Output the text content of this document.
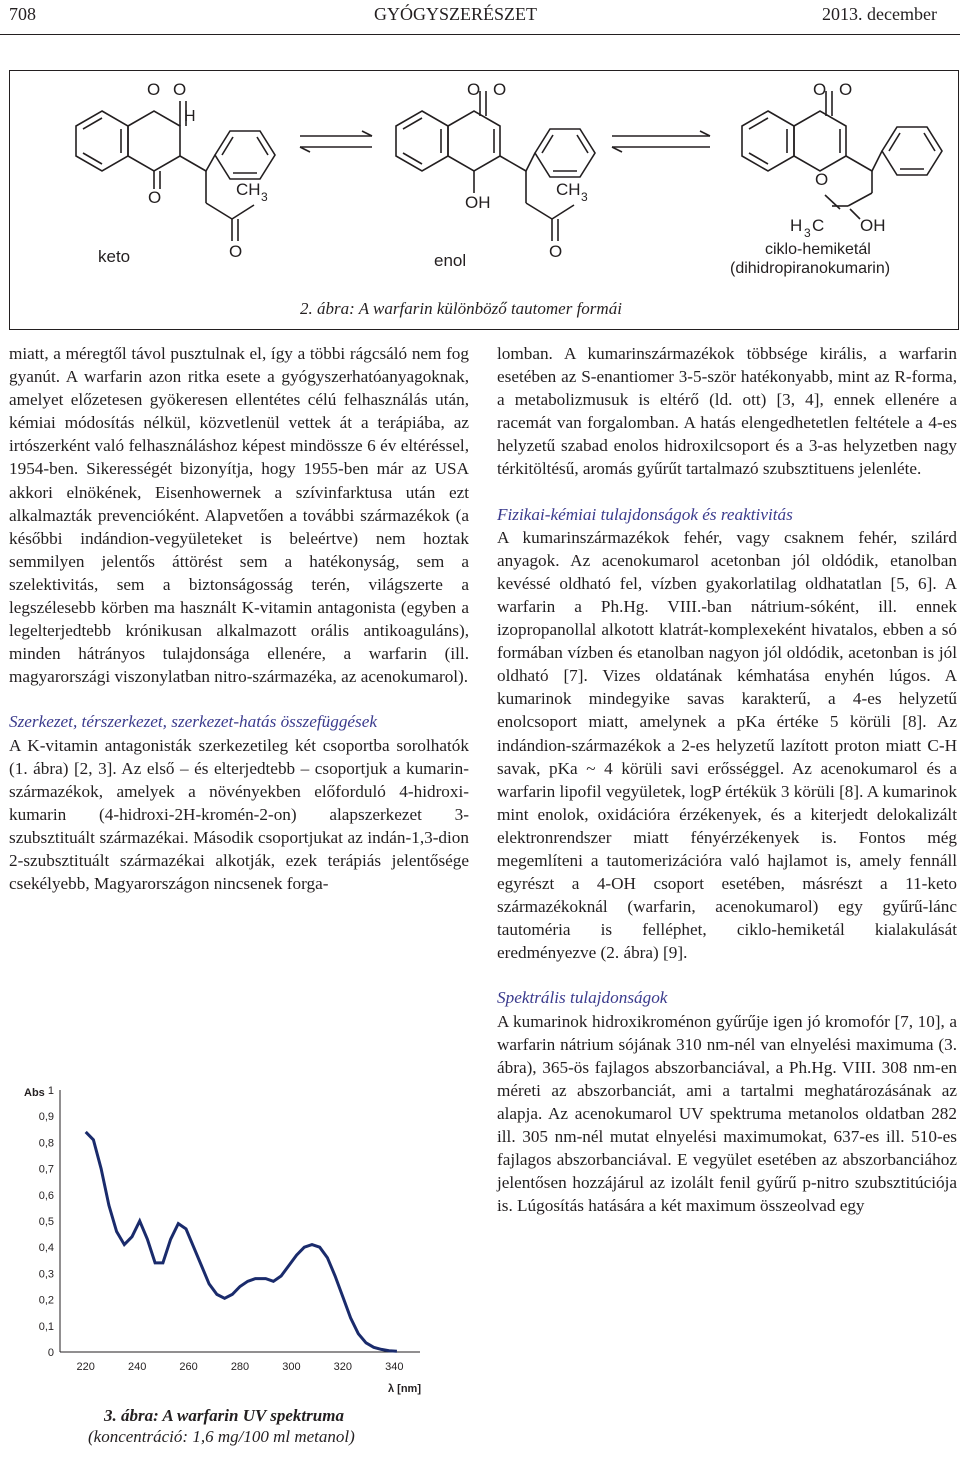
708	GYÓGYSZERÉSZET	2013. december
O O
H
O	CH 3
O
O O
OH
CH 3
O
O O
O
H 3 C OH
keto	enol
ciklo-hemiketál
(dihidropiranokumarin)
2. ábra: A warfarin különböző tautomer formái

miatt, a méregtől távol pusztulnak el, így a többi rágcsáló nem fog gyanút. A warfarin azon ritka esete a gyógyszerhatóanyagoknak, amelyet előzetesen gyökeresen ellentétes célú felhasználás után, kémiai módosítás nélkül, közvetlenül vettek át a terápiába, az irtószerként való felhasználáshoz képest mindössze 6 év eltéréssel, 1954-ben. Sikerességét bizonyítja, hogy 1955-ben már az USA akkori elnökének, Eisenhowernek a szívinfarktusa után ezt alkalmazták prevencióként. Alapvetően a további származékok (a későbbi indándion-vegyületeket is beleértve) nem hoztak semmilyen jelentős áttörést sem a hatékonyság, sem a szelektivitás, sem a biztonságosság terén, világszerte a legszélesebb körben ma használt K-vitamin antagonista (egyben a legelterjedtebb krónikusan alkalmazott orális antikoaguláns), minden hátrányos tulajdonsága ellenére, a warfarin (ill. magyarországi viszonylatban nitro-származéka, az acenokumarol).

Szerkezet, térszerkezet, szerkezet-hatás összefüggések

A K-vitamin antagonisták szerkezetileg két csoportba sorolhatók (1. ábra) [2, 3]. Az első – és elterjedtebb – csoportjuk a kumarin-származékok, amelyek a növényekben előforduló 4-hidroxi-kumarin (4-hidroxi-2H-kromén-2-on) alapszerkezet 3-szubsztituált származékai. Második csoportjukat az indán-1,3-dion 2-szubsztituált származékai alkotják, ezek terápiás jelentősége csekélyebb, Magyarországon nincsenek forga-

Abs
λ [nm]
0
0,1
0,2
0,3
0,4
0,5
0,6
0,7
0,8
0,9
1
220	240	260	280	300	320	340
3. ábra: A warfarin UV spektruma
(koncentráció: 1,6 mg/100 ml metanol)

lomban. A kumarinszármazékok többsége királis, a warfarin esetében az S-enantiomer 3-5-ször hatékonyabb, mint az R-forma, a metabolizmusuk is eltérő (ld. ott) [3, 4], ennek ellenére a racemát van forgalomban. A hatás elengedhetetlen feltétele a 4-es helyzetű szabad enolos hidroxilcsoport és a 3-as helyzetben nagy térkitöltésű, aromás gyűrűt tartalmazó szubsztituens jelenléte.

Fizikai-kémiai tulajdonságok és reaktivitás

A kumarinszármazékok fehér, vagy csaknem fehér, szilárd anyagok. Az acenokumarol acetonban jól oldódik, etanolban kevéssé oldható fel, vízben gyakorlatilag oldhatatlan [5, 6]. A warfarin a Ph.Hg. VIII.-ban nátrium-sóként, ill. ennek izopropanollal alkotott klatrát-komplexeként hivatalos, ebben a só formában vízben és etanolban nagyon jól oldódik, acetonban is jól oldható [7]. Vizes oldatának kémhatása enyhén lúgos. A kumarinok mindegyike savas karakterű, a 4-es helyzetű enolcsoport miatt, amelynek a pKa értéke 5 körüli [8]. Az indándion-származékok a 2-es helyzetű lazított proton miatt C-H savak, pKa ~ 4 körüli savi erősséggel. Az acenokumarol és a warfarin lipofil vegyületek, logP értékük 3 körüli [8]. A kumarinok mint enolok, oxidációra érzékenyek, és a kiterjedt delokalizált elektronrendszer miatt fényérzékenyek is. Fontos még megemlíteni a tautomerizációra való hajlamot is, amely fennáll egyrészt a 4-OH csoport esetében, másrészt a 11-keto származékoknál (warfarin, acenokumarol) egy gyűrű-lánc tautoméria is felléphet, ciklo-hemiketál kialakulását eredményezve (2. ábra) [9].

Spektrális tulajdonságok

A kumarinok hidroxikroménon gyűrűje igen jó kromofór [7, 10], a warfarin nátrium sójának 310 nm-nél van elnyelési maximuma (3. ábra), 365-ös fajlagos abszorbanciával, a Ph.Hg. VIII. 308 nm-en méreti az abszorbanciát, ami a tartalmi meghatározásának az alapja. Az acenokumarol UV spektruma metanolos oldatban 282 ill. 305 nm-nél mutat elnyelési maximumokat, 637-es ill. 510-es fajlagos abszorbanciával. E vegyület esetében az abszorbanciához jelentősen hozzájárul az izolált fenil gyűrű p-nitro szubsztitúciója is. Lúgosítás hatására a két maximum összeolvad egy
